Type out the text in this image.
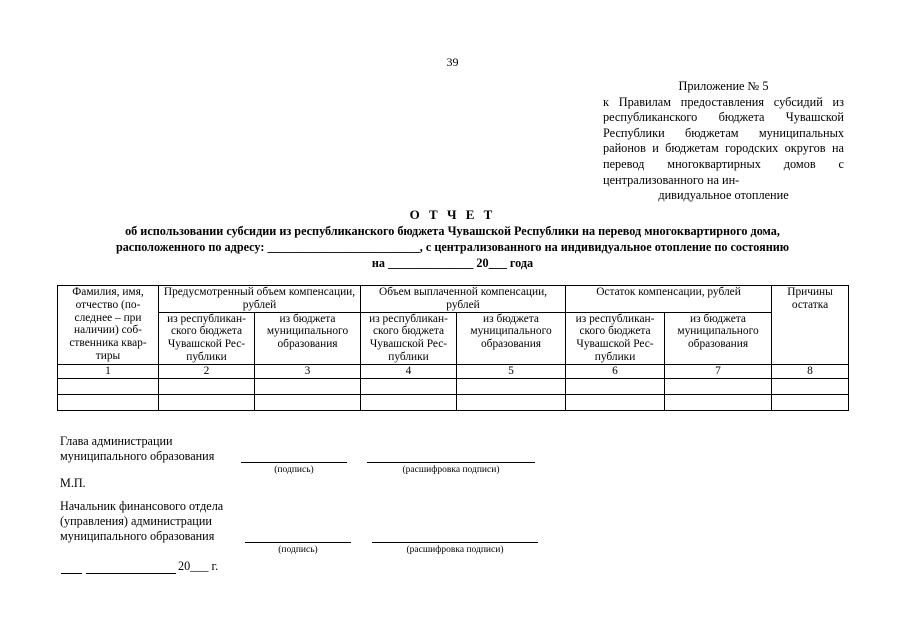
39
Приложение № 5
к Правилам предоставления субсидий из республиканского бюджета Чувашской Республики бюджетам муниципальных районов и бюджетам городских округов на перевод многоквартирных домов с централизованного на ин-
дивидуальное отопление
О Т Ч Е Т
об использовании субсидии из республиканского бюджета Чувашской Республики на перевод многоквартирного дома,
расположенного по адресу: _________________________, с централизованного на индивидуальное отопление по состоянию
на ______________ 20___ года
Фамилия, имя, отчество (по-следнее – при наличии) соб-ственника квар-тиры	Предусмотренный объем компенсации, рублей		Объем выплаченной компенсации, рублей		Остаток компенсации, рублей		Причины остатка
	из республикан-ского бюджета Чувашской Рес-публики	из бюджета муниципального образования	из республикан-ского бюджета Чувашской Рес-публики	из бюджета муниципального образования	из республикан-ского бюджета Чувашской Рес-публики	из бюджета муниципального образования	
1	2	3	4	5	6	7	8

Глава администрации
муниципального образования
(подпись)	(расшифровка подписи)
М.П.
Начальник финансового отдела
(управления) администрации
муниципального образования
(подпись)	(расшифровка подписи)
20___ г.
